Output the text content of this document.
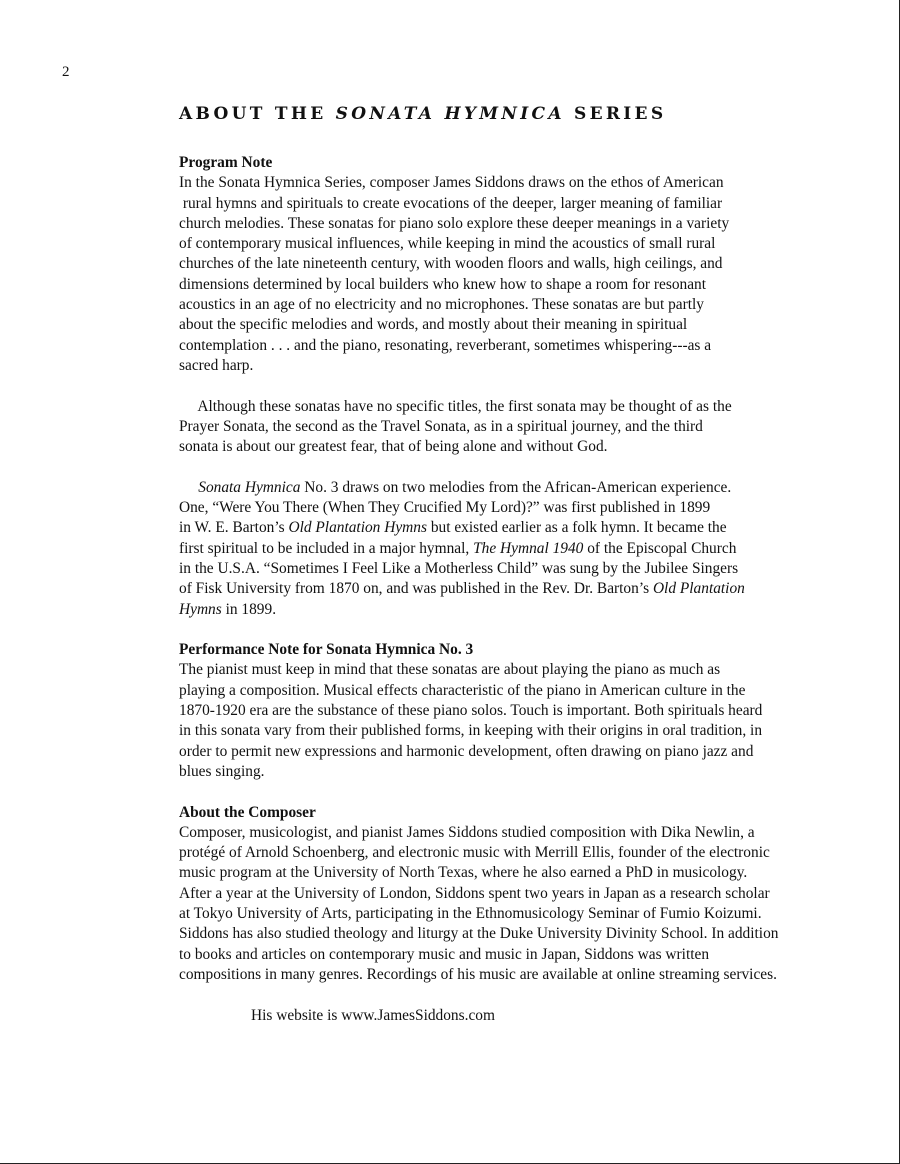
2
ABOUT THE SONATA HYMNICA SERIES

Program Note

In the Sonata Hymnica Series, composer James Siddons draws on the ethos of American

rural hymns and spirituals to create evocations of the deeper, larger meaning of familiar

church melodies. These sonatas for piano solo explore these deeper meanings in a variety

of contemporary musical influences, while keeping in mind the acoustics of small rural

churches of the late nineteenth century, with wooden floors and walls, high ceilings, and

dimensions determined by local builders who knew how to shape a room for resonant

acoustics in an age of no electricity and no microphones. These sonatas are but partly

about the specific melodies and words, and mostly about their meaning in spiritual

contemplation . . . and the piano, resonating, reverberant, sometimes whispering---as a

sacred harp.

Although these sonatas have no specific titles, the first sonata may be thought of as the

Prayer Sonata, the second as the Travel Sonata, as in a spiritual journey, and the third

sonata is about our greatest fear, that of being alone and without God.

Sonata Hymnica No. 3 draws on two melodies from the African-American experience.

One, “Were You There (When They Crucified My Lord)?” was first published in 1899

in W. E. Barton’s Old Plantation Hymns but existed earlier as a folk hymn. It became the

first spiritual to be included in a major hymnal, The Hymnal 1940 of the Episcopal Church

in the U.S.A. “Sometimes I Feel Like a Motherless Child” was sung by the Jubilee Singers

of Fisk University from 1870 on, and was published in the Rev. Dr. Barton’s Old Plantation

Hymns in 1899.

Performance Note for Sonata Hymnica No. 3

The pianist must keep in mind that these sonatas are about playing the piano as much as

playing a composition. Musical effects characteristic of the piano in American culture in the

1870-1920 era are the substance of these piano solos. Touch is important. Both spirituals heard

in this sonata vary from their published forms, in keeping with their origins in oral tradition, in

order to permit new expressions and harmonic development, often drawing on piano jazz and

blues singing.

About the Composer

Composer, musicologist, and pianist James Siddons studied composition with Dika Newlin, a

protégé of Arnold Schoenberg, and electronic music with Merrill Ellis, founder of the electronic

music program at the University of North Texas, where he also earned a PhD in musicology.

After a year at the University of London, Siddons spent two years in Japan as a research scholar

at Tokyo University of Arts, participating in the Ethnomusicology Seminar of Fumio Koizumi.

Siddons has also studied theology and liturgy at the Duke University Divinity School. In addition

to books and articles on contemporary music and music in Japan, Siddons was written

compositions in many genres. Recordings of his music are available at online streaming services.

His website is www.JamesSiddons.com
